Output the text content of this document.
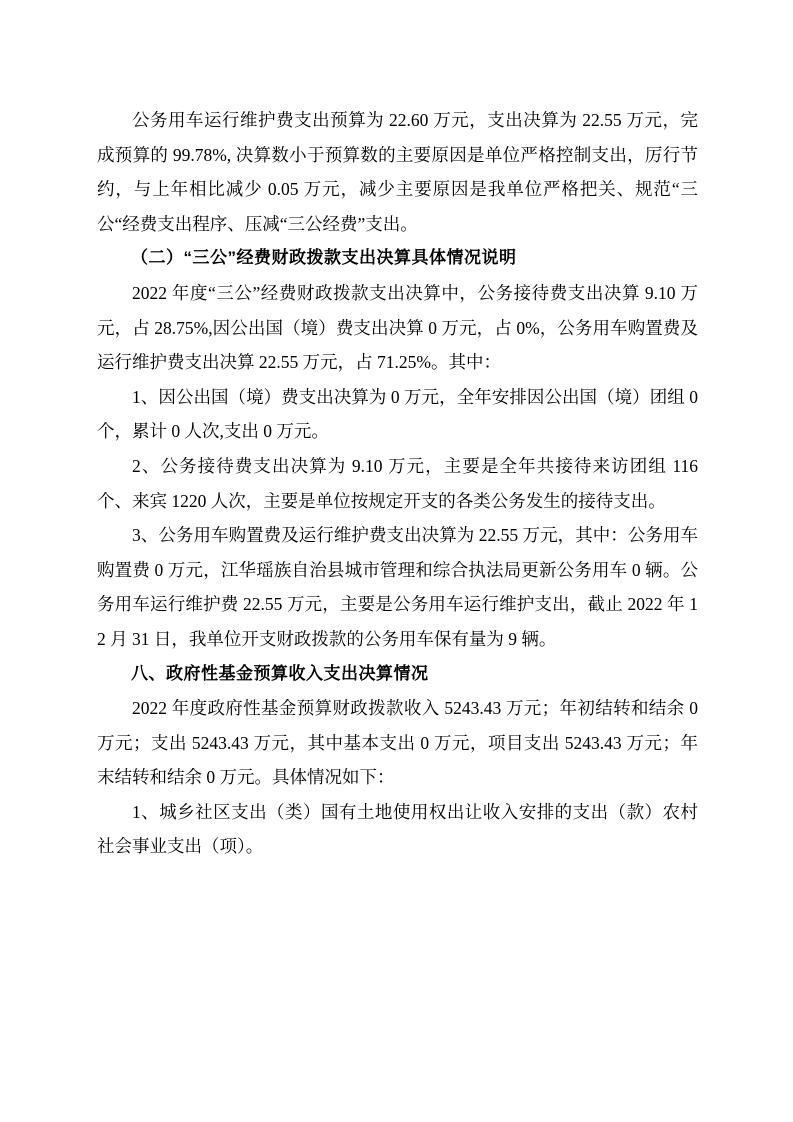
公务用车运行维护费支出预算为 22.60 万元，支出决算为 22.55 万元，完成预算的 99.78%, 决算数小于预算数的主要原因是单位严格控制支出，厉行节约，与上年相比减少 0.05 万元，减少主要原因是我单位严格把关、规范“三公“经费支出程序、压减“三公经费”支出。

（二）“三公”经费财政拨款支出决算具体情况说明

2022 年度“三公”经费财政拨款支出决算中，公务接待费支出决算 9.10 万元，占 28.75%,因公出国（境）费支出决算 0 万元，占 0%，公务用车购置费及运行维护费支出决算 22.55 万元，占 71.25%。其中：

1、因公出国（境）费支出决算为 0 万元，全年安排因公出国（境）团组 0 个，累计 0 人次,支出 0 万元。

2、公务接待费支出决算为 9.10 万元，主要是全年共接待来访团组 116 个、来宾 1220 人次，主要是单位按规定开支的各类公务发生的接待支出。

3、公务用车购置费及运行维护费支出决算为 22.55 万元，其中：公务用车购置费 0 万元，江华瑶族自治县城市管理和综合执法局更新公务用车 0 辆。公务用车运行维护费 22.55 万元，主要是公务用车运行维护支出，截止 2022 年 12 月 31 日，我单位开支财政拨款的公务用车保有量为 9 辆。

八、政府性基金预算收入支出决算情况

2022 年度政府性基金预算财政拨款收入 5243.43 万元；年初结转和结余 0 万元；支出 5243.43 万元，其中基本支出 0 万元，项目支出 5243.43 万元；年末结转和结余 0 万元。具体情况如下：

1、城乡社区支出（类）国有土地使用权出让收入安排的支出（款）农村社会事业支出（项）。
